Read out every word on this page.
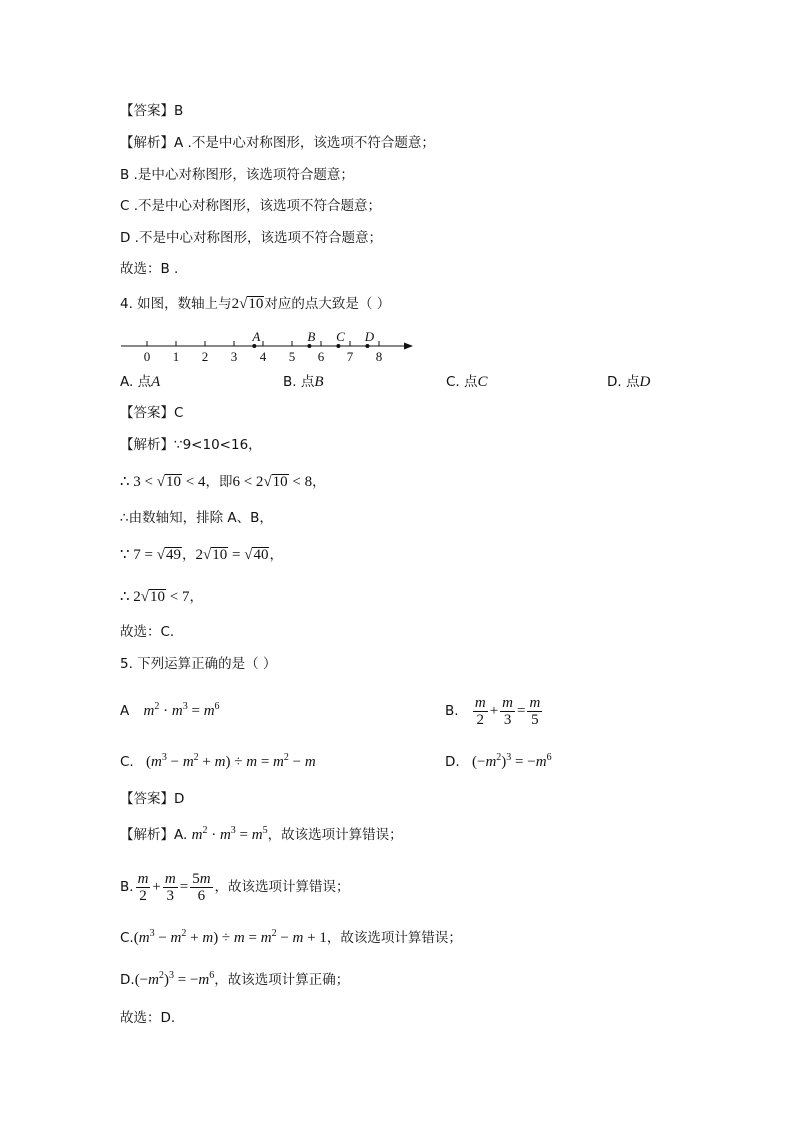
【答案】B
【解析】A .不是中心对称图形，该选项不符合题意；
B .是中心对称图形，该选项符合题意；
C .不是中心对称图形，该选项不符合题意；
D .不是中心对称图形，该选项不符合题意；
故选：B .
4. 如图，数轴上与2√10对应的点大致是（ ）
0 1 2 3 4 5 6 7 8
A	B C D
A. 点A	B. 点B	C. 点C	D. 点D
【答案】C
【解析】∵9<10<16，
∴ 3 < √10 < 4，即6 < 2√10 < 8，
∴由数轴知，排除 A、B，
∵ 7 = √49，2√10 = √40，
∴ 2√10 < 7，
故选：C.
5. 下列运算正确的是（ ）
A $m^2 \cdot m^3 = m^6$	B. $\frac{m}{2} + \frac{m}{3} = \frac{m}{5}$
C. $(m^3 - m^2 + m) \div m = m^2 - m$	D. $(-m^2)^3 = -m^6$
【答案】D
【解析】A. $m^2 \cdot m^3 = m^5$，故该选项计算错误；
B. $\frac{m}{2} + \frac{m}{3} = \frac{5m}{6}$ ，故该选项计算错误；
$C.(m^3 - m^2 + m) \div m = m^2 - m + 1$，故该选项计算错误；
$D.(-m^2)^3 = -m^6$，故该选项计算正确；
故选：D.
